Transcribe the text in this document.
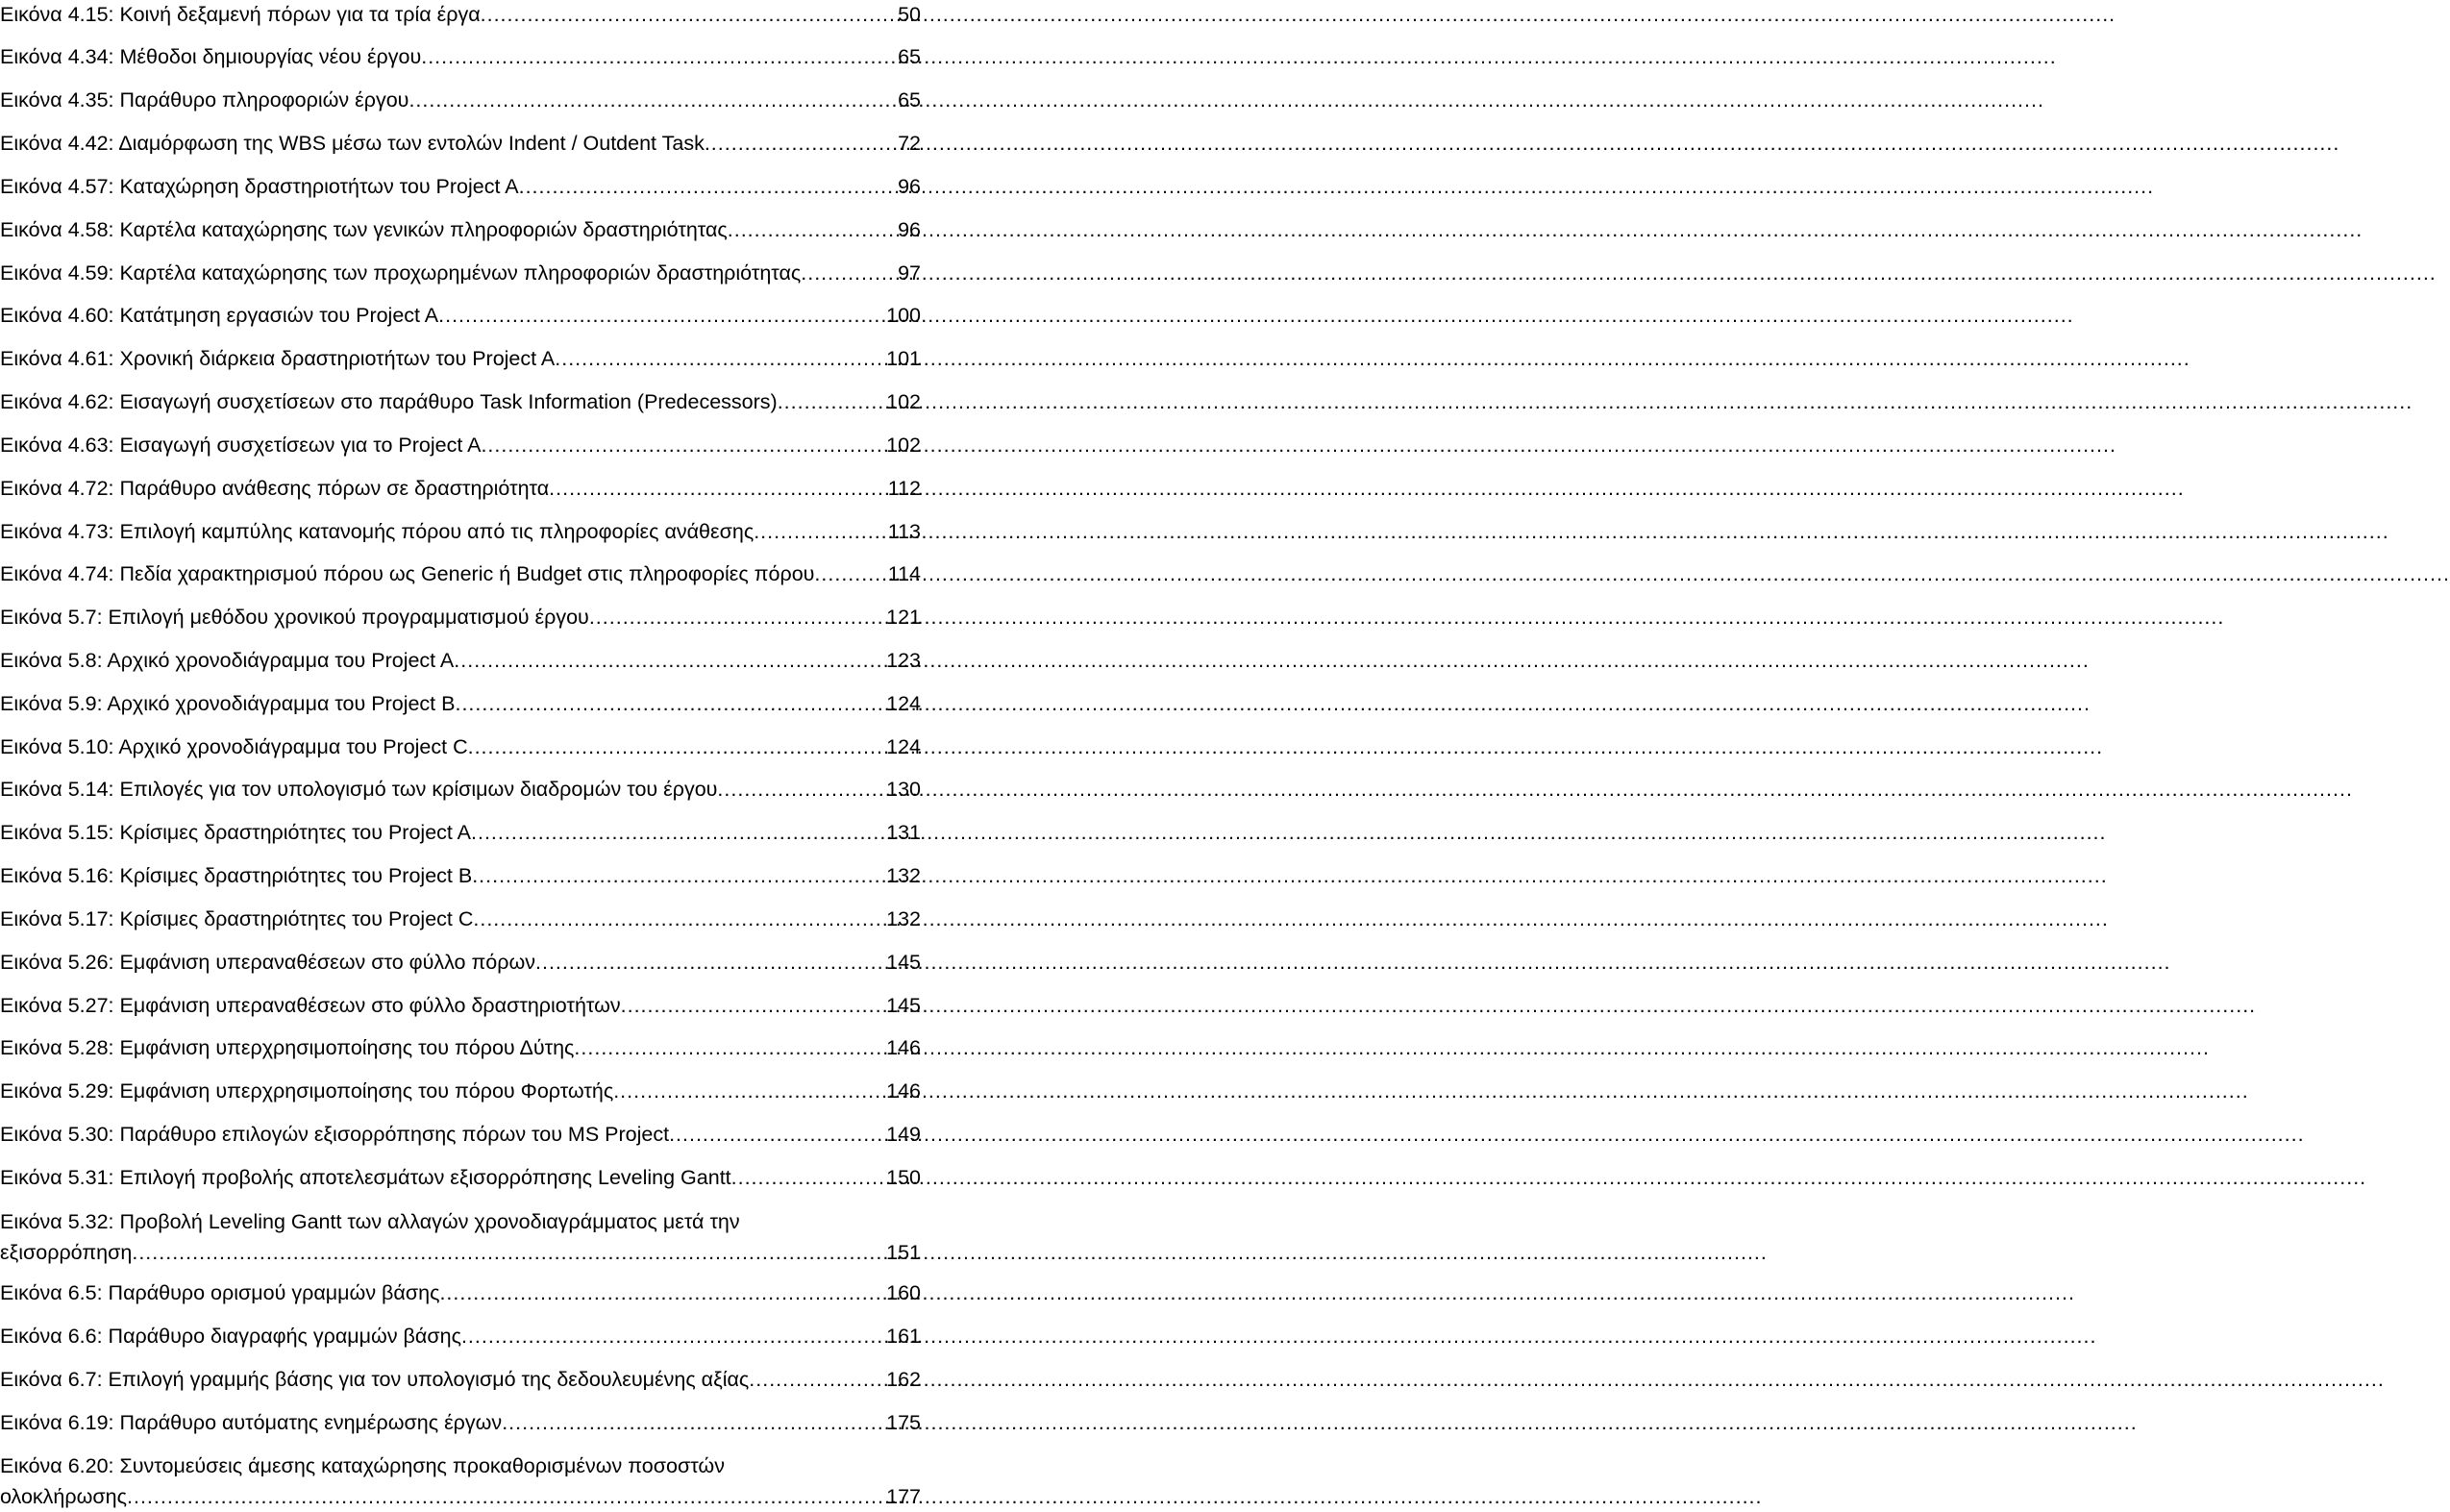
Εικόνα 4.15: Κοινή δεξαμενή πόρων για τα τρία έργα .....	50
Εικόνα 4.34: Μέθοδοι δημιουργίας νέου έργου .....	65
Εικόνα 4.35: Παράθυρο πληροφοριών έργου .....	65
Εικόνα 4.42: Διαμόρφωση της WBS μέσω των εντολών Indent / Outdent Task .....	72
Εικόνα 4.57: Καταχώρηση δραστηριοτήτων του Project A .....	96
Εικόνα 4.58: Καρτέλα καταχώρησης των γενικών πληροφοριών δραστηριότητας .....	96
Εικόνα 4.59: Καρτέλα καταχώρησης των προχωρημένων πληροφοριών δραστηριότητας .....	97
Εικόνα 4.60: Κατάτμηση εργασιών του Project A .....	100
Εικόνα 4.61: Χρονική διάρκεια δραστηριοτήτων του Project A .....	101
Εικόνα 4.62: Εισαγωγή συσχετίσεων στο παράθυρο Task Information (Predecessors) .....	102
Εικόνα 4.63: Εισαγωγή συσχετίσεων για το Project A .....	102
Εικόνα 4.72: Παράθυρο ανάθεσης πόρων σε δραστηριότητα .....	112
Εικόνα 4.73: Επιλογή καμπύλης κατανομής πόρου από τις πληροφορίες ανάθεσης .....	113
Εικόνα 4.74: Πεδία χαρακτηρισμού πόρου ως Generic ή Budget στις πληροφορίες πόρου .....	114
Εικόνα 5.7: Επιλογή μεθόδου χρονικού προγραμματισμού έργου .....	121
Εικόνα 5.8: Αρχικό χρονοδιάγραμμα του Project A .....	123
Εικόνα 5.9: Αρχικό χρονοδιάγραμμα του Project B .....	124
Εικόνα 5.10: Αρχικό χρονοδιάγραμμα του Project C .....	124
Εικόνα 5.14: Επιλογές για τον υπολογισμό των κρίσιμων διαδρομών του έργου .....	130
Εικόνα 5.15: Κρίσιμες δραστηριότητες του Project A .....	131
Εικόνα 5.16: Κρίσιμες δραστηριότητες του Project B .....	132
Εικόνα 5.17: Κρίσιμες δραστηριότητες του Project C .....	132
Εικόνα 5.26: Εμφάνιση υπεραναθέσεων στο φύλλο πόρων .....	145
Εικόνα 5.27: Εμφάνιση υπεραναθέσεων στο φύλλο δραστηριοτήτων .....	145
Εικόνα 5.28: Εμφάνιση υπερχρησιμοποίησης του πόρου Δύτης .....	146
Εικόνα 5.29: Εμφάνιση υπερχρησιμοποίησης του πόρου Φορτωτής .....	146
Εικόνα 5.30: Παράθυρο επιλογών εξισορρόπησης πόρων του MS Project .....	149
Εικόνα 5.31: Επιλογή προβολής αποτελεσμάτων εξισορρόπησης Leveling Gantt .....	150
Εικόνα 5.32: Προβολή Leveling Gantt των αλλαγών χρονοδιαγράμματος μετά την
εξισορρόπηση .....	151
Εικόνα 6.5: Παράθυρο ορισμού γραμμών βάσης .....	160
Εικόνα 6.6: Παράθυρο διαγραφής γραμμών βάσης .....	161
Εικόνα 6.7: Επιλογή γραμμής βάσης για τον υπολογισμό της δεδουλευμένης αξίας .....	162
Εικόνα 6.19: Παράθυρο αυτόματης ενημέρωσης έργων .....	175
Εικόνα 6.20: Συντομεύσεις άμεσης καταχώρησης προκαθορισμένων ποσοστών
ολοκλήρωσης .....	177
